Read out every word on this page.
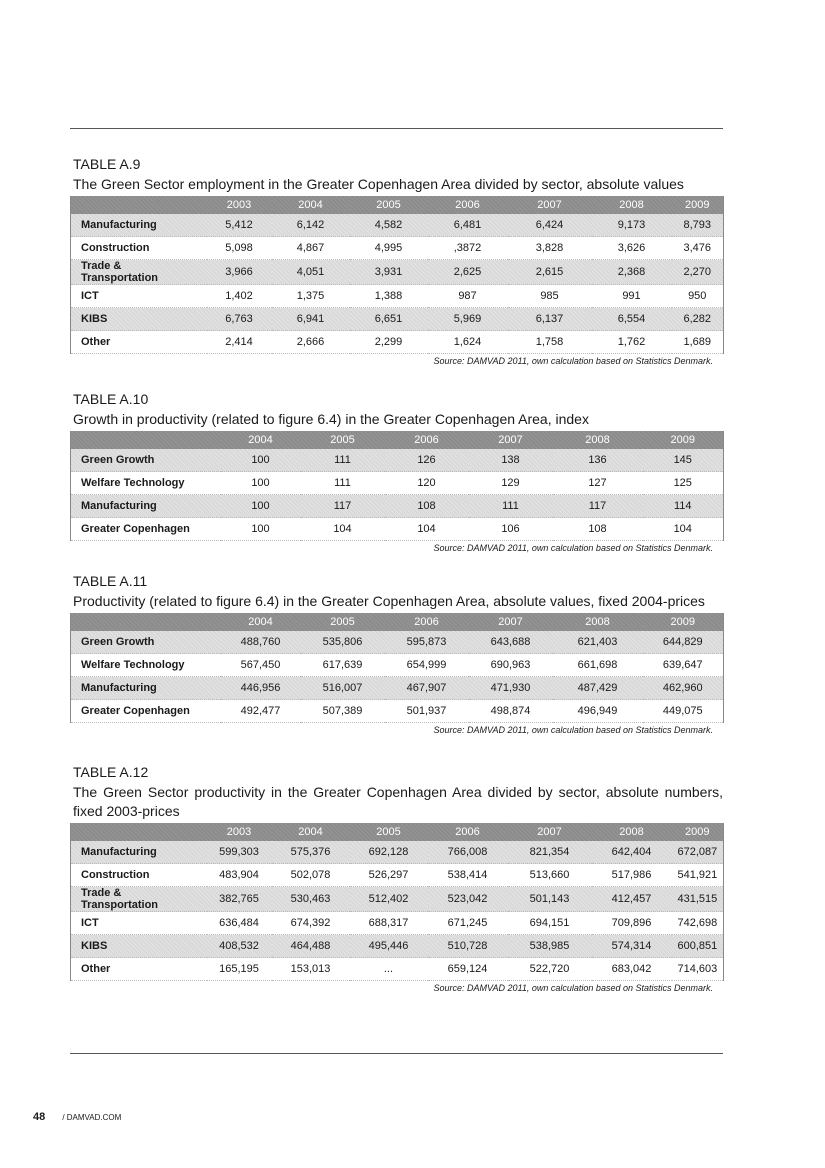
TABLE A.9
The Green Sector employment in the Greater Copenhagen Area divided by sector, absolute values
	2003	2004	2005	2006	2007	2008	2009
Manufacturing	5,412	6,142	4,582	6,481	6,424	9,173	8,793
Construction	5,098	4,867	4,995	,3872	3,828	3,626	3,476
Trade & Transportation	3,966	4,051	3,931	2,625	2,615	2,368	2,270
ICT	1,402	1,375	1,388	987	985	991	950
KIBS	6,763	6,941	6,651	5,969	6,137	6,554	6,282
Other	2,414	2,666	2,299	1,624	1,758	1,762	1,689
Source: DAMVAD 2011, own calculation based on Statistics Denmark.
TABLE A.10
Growth in productivity (related to figure 6.4) in the Greater Copenhagen Area, index
	2004	2005	2006	2007	2008	2009
Green Growth	100	111	126	138	136	145
Welfare Technology	100	111	120	129	127	125
Manufacturing	100	117	108	111	117	114
Greater Copenhagen	100	104	104	106	108	104
Source: DAMVAD 2011, own calculation based on Statistics Denmark.
TABLE A.11
Productivity (related to figure 6.4) in the Greater Copenhagen Area, absolute values, fixed 2004-prices
	2004	2005	2006	2007	2008	2009
Green Growth	488,760	535,806	595,873	643,688	621,403	644,829
Welfare Technology	567,450	617,639	654,999	690,963	661,698	639,647
Manufacturing	446,956	516,007	467,907	471,930	487,429	462,960
Greater Copenhagen	492,477	507,389	501,937	498,874	496,949	449,075
Source: DAMVAD 2011, own calculation based on Statistics Denmark.
TABLE A.12
The Green Sector productivity in the Greater Copenhagen Area divided by sector, absolute numbers, fixed 2003-prices
	2003	2004	2005	2006	2007	2008	2009
Manufacturing	599,303	575,376	692,128	766,008	821,354	642,404	672,087
Construction	483,904	502,078	526,297	538,414	513,660	517,986	541,921
Trade & Transportation	382,765	530,463	512,402	523,042	501,143	412,457	431,515
ICT	636,484	674,392	688,317	671,245	694,151	709,896	742,698
KIBS	408,532	464,488	495,446	510,728	538,985	574,314	600,851
Other	165,195	153,013	...	659,124	522,720	683,042	714,603
Source: DAMVAD 2011, own calculation based on Statistics Denmark.
48 / DAMVAD.COM
